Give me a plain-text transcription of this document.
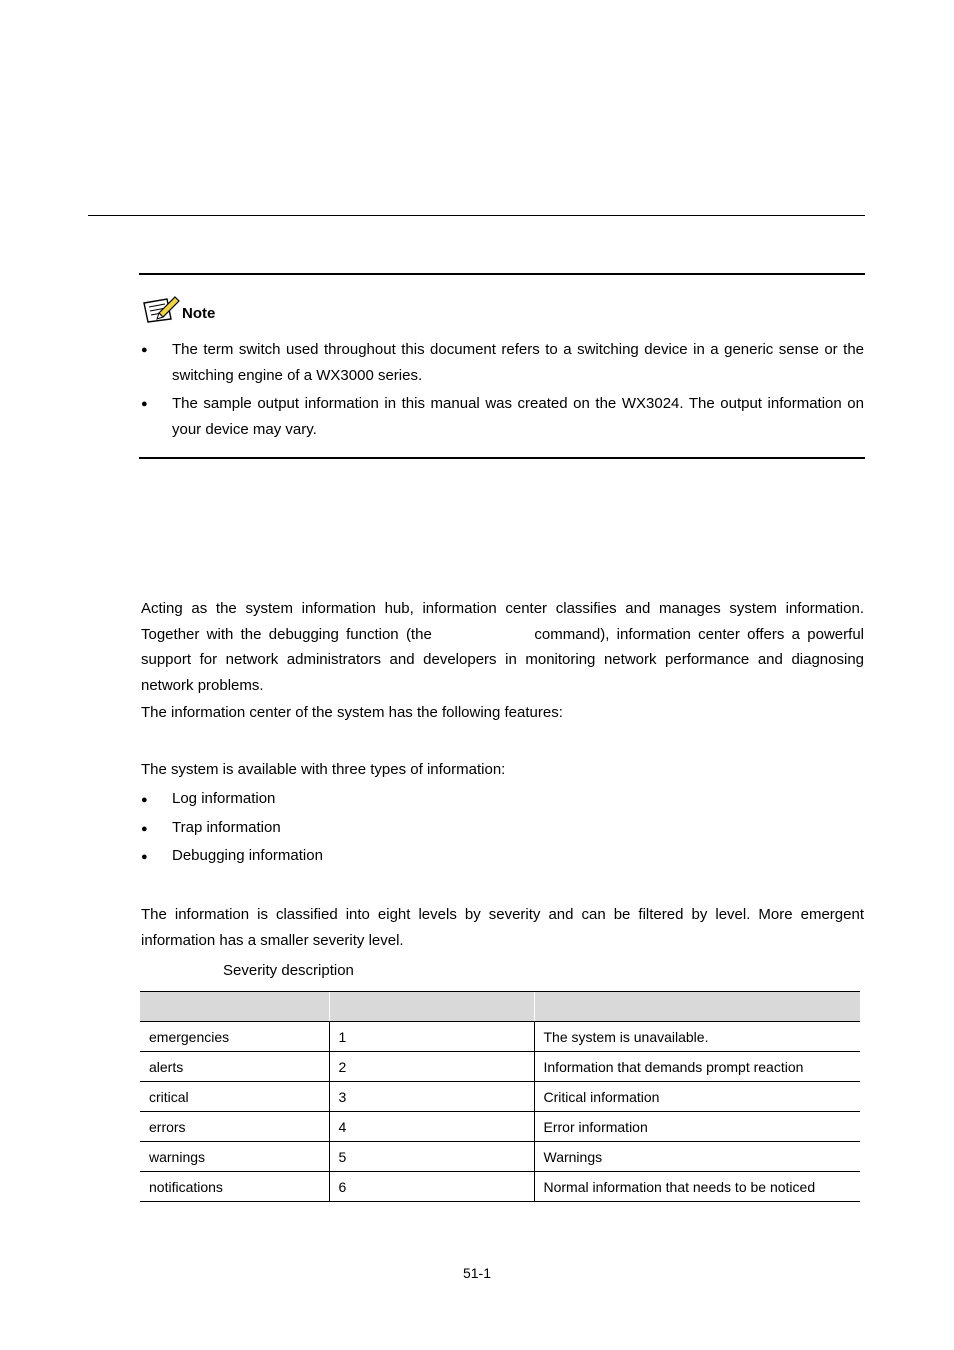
Note
● The term switch used throughout this document refers to a switching device in a generic sense or the switching engine of a WX3000 series.
● The sample output information in this manual was created on the WX3024. The output information on your device may vary.
Acting as the system information hub, information center classifies and manages system information. Together with the debugging function (the	command), information center offers a powerful support for network administrators and developers in monitoring network performance and diagnosing network problems.
The information center of the system has the following features:
The system is available with three types of information:
● Log information
● Trap information
● Debugging information
The information is classified into eight levels by severity and can be filtered by level. More emergent information has a smaller severity level.
Severity description

emergencies	1	The system is unavailable.
alerts	2	Information that demands prompt reaction
critical	3	Critical information
errors	4	Error information
warnings	5	Warnings
notifications	6	Normal information that needs to be noticed
51-1
